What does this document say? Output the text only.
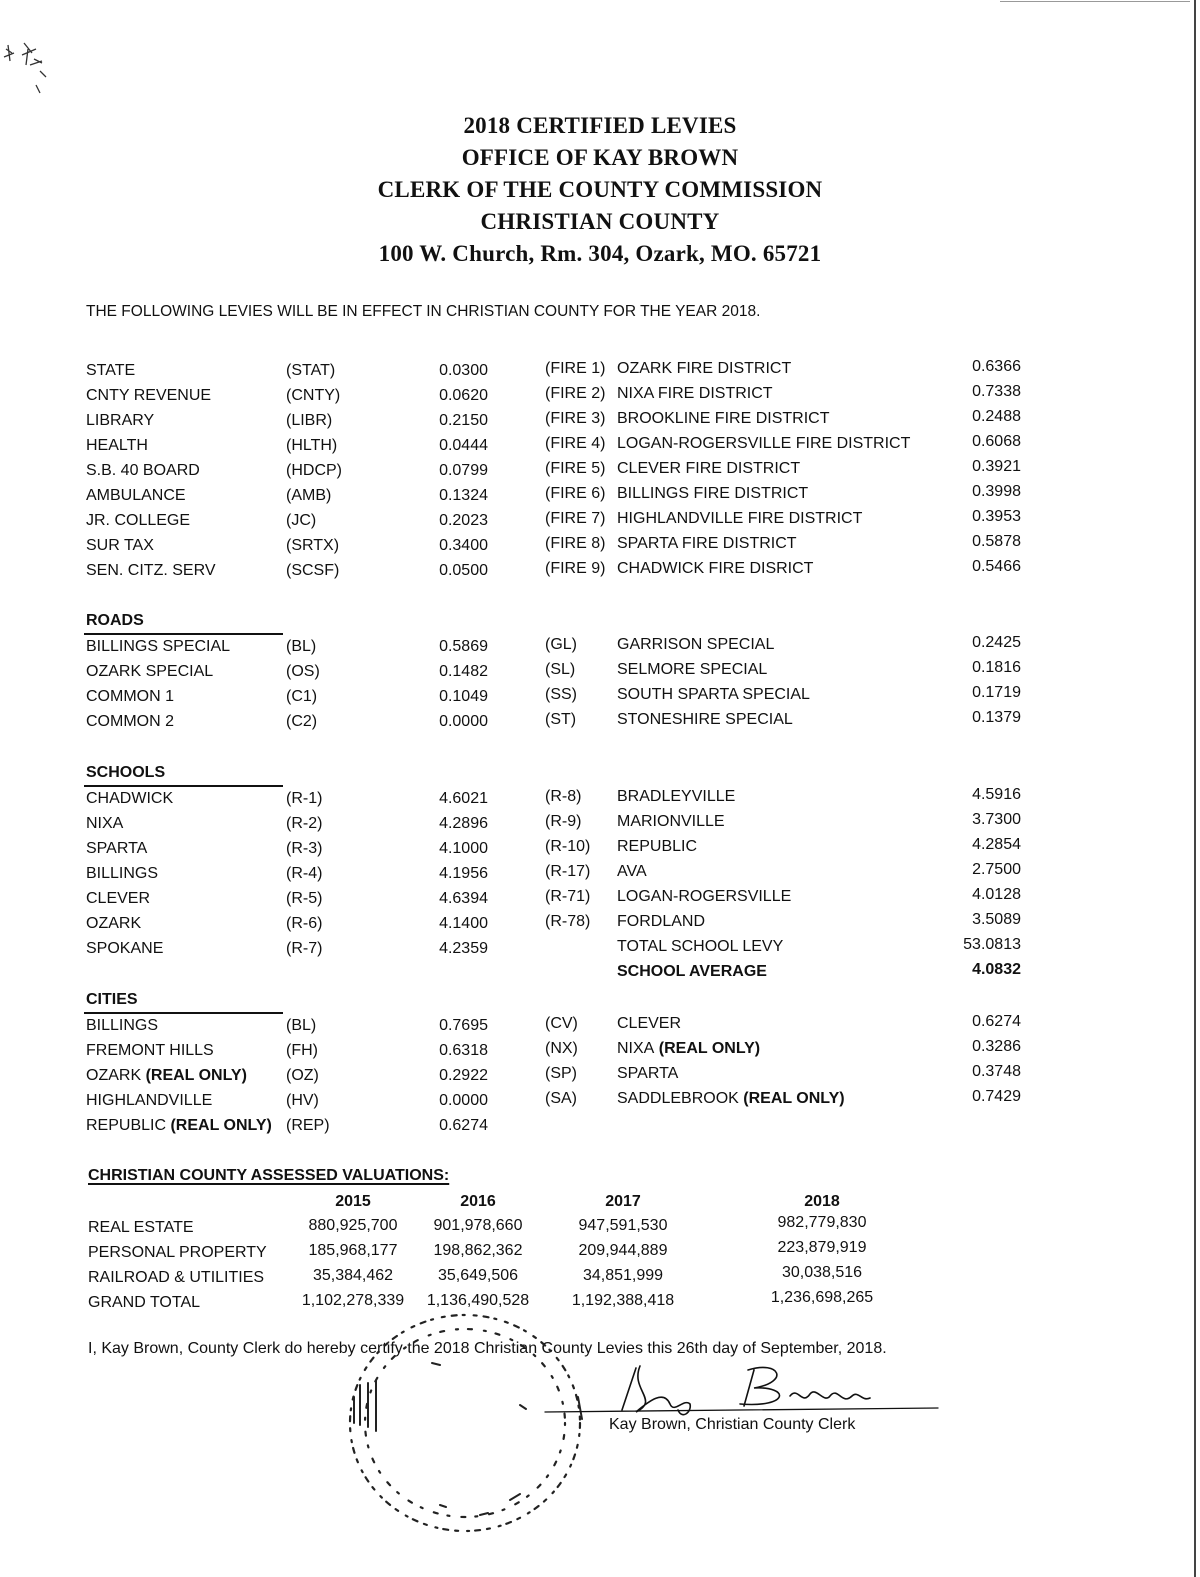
2018 CERTIFIED LEVIES
OFFICE OF KAY BROWN
CLERK OF THE COUNTY COMMISSION
CHRISTIAN COUNTY
100 W. Church, Rm. 304, Ozark, MO. 65721
THE FOLLOWING LEVIES WILL BE IN EFFECT IN CHRISTIAN COUNTY FOR THE YEAR 2018.
STATE	(STAT)	0.0300
CNTY REVENUE	(CNTY)	0.0620
LIBRARY	(LIBR)	0.2150
HEALTH	(HLTH)	0.0444
S.B. 40 BOARD	(HDCP)	0.0799
AMBULANCE	(AMB)	0.1324
JR. COLLEGE	(JC)	0.2023
SUR TAX	(SRTX)	0.3400
SEN. CITZ. SERV	(SCSF)	0.0500
(FIRE 1) OZARK FIRE DISTRICT	0.6366
(FIRE 2) NIXA FIRE DISTRICT	0.7338
(FIRE 3) BROOKLINE FIRE DISTRICT	0.2488
(FIRE 4) LOGAN-ROGERSVILLE FIRE DISTRICT	0.6068
(FIRE 5) CLEVER FIRE DISTRICT	0.3921
(FIRE 6) BILLINGS FIRE DISTRICT	0.3998
(FIRE 7) HIGHLANDVILLE FIRE DISTRICT	0.3953
(FIRE 8) SPARTA FIRE DISTRICT	0.5878
(FIRE 9) CHADWICK FIRE DISRICT	0.5466
ROADS
BILLINGS SPECIAL	(BL)	0.5869
OZARK SPECIAL	(OS)	0.1482
COMMON 1	(C1)	0.1049
COMMON 2	(C2)	0.0000
(GL)	GARRISON SPECIAL	0.2425
(SL)	SELMORE SPECIAL	0.1816
(SS)	SOUTH SPARTA SPECIAL	0.1719
(ST)	STONESHIRE SPECIAL	0.1379
SCHOOLS
CHADWICK	(R-1)	4.6021
NIXA	(R-2)	4.2896
SPARTA	(R-3)	4.1000
BILLINGS	(R-4)	4.1956
CLEVER	(R-5)	4.6394
OZARK	(R-6)	4.1400
SPOKANE	(R-7)	4.2359
(R-8) BRADLEYVILLE	4.5916
(R-9) MARIONVILLE	3.7300
(R-10) REPUBLIC	4.2854
(R-17) AVA	2.7500
(R-71) LOGAN-ROGERSVILLE	4.0128
(R-78) FORDLAND	3.5089
TOTAL SCHOOL LEVY	53.0813
SCHOOL AVERAGE	4.0832
CITIES
BILLINGS	(BL)	0.7695
FREMONT HILLS	(FH)	0.6318
OZARK (REAL ONLY) (OZ)	0.2922
HIGHLANDVILLE	(HV)	0.0000
REPUBLIC (REAL ONLY) (REP)	0.6274
(CV) CLEVER	0.6274
(NX) NIXA (REAL ONLY)	0.3286
(SP)	SPARTA	0.3748
(SA)	SADDLEBROOK (REAL ONLY)	0.7429
CHRISTIAN COUNTY ASSESSED VALUATIONS:
2015	2016	2017	2018
REAL ESTATE	880,925,700	901,978,660	947,591,530	982,779,830
PERSONAL PROPERTY	185,968,177	198,862,362	209,944,889	223,879,919
RAILROAD & UTILITIES	35,384,462	35,649,506	34,851,999	30,038,516
GRAND TOTAL	1,102,278,339	1,136,490,528	1,192,388,418	1,236,698,265
I, Kay Brown, County Clerk do hereby certify the 2018 Christian County Levies this 26th day of September, 2018.
Kay Brown, Christian County Clerk
